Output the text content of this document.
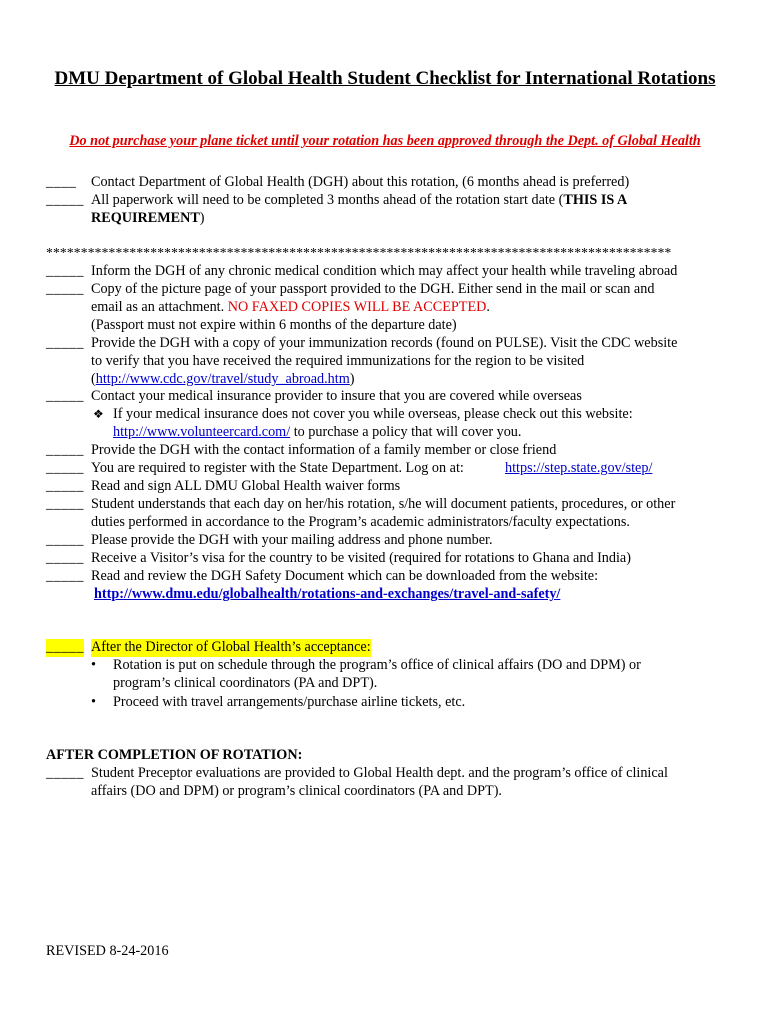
DMU Department of Global Health Student Checklist for International Rotations
Do not purchase your plane ticket until your rotation has been approved through the Dept. of Global Health
____ Contact Department of Global Health (DGH) about this rotation, (6 months ahead is preferred)
_____ All paperwork will need to be completed 3 months ahead of the rotation start date (THIS IS A
REQUIREMENT)
******************************************************************************************
_____ Inform the DGH of any chronic medical condition which may affect your health while traveling abroad
_____ Copy of the picture page of your passport provided to the DGH. Either send in the mail or scan and
email as an attachment. NO FAXED COPIES WILL BE ACCEPTED.
(Passport must not expire within 6 months of the departure date)
_____ Provide the DGH with a copy of your immunization records (found on PULSE). Visit the CDC website
to verify that you have received the required immunizations for the region to be visited
(http://www.cdc.gov/travel/study_abroad.htm)
_____ Contact your medical insurance provider to insure that you are covered while overseas
❖ If your medical insurance does not cover you while overseas, please check out this website:
http://www.volunteercard.com/ to purchase a policy that will cover you.
_____ Provide the DGH with the contact information of a family member or close friend
_____ You are required to register with the State Department. Log on at:	https://step.state.gov/step/
_____ Read and sign ALL DMU Global Health waiver forms
_____ Student understands that each day on her/his rotation, s/he will document patients, procedures, or other
duties performed in accordance to the Program’s academic administrators/faculty expectations.
_____ Please provide the DGH with your mailing address and phone number.
_____ Receive a Visitor’s visa for the country to be visited (required for rotations to Ghana and India)
_____ Read and review the DGH Safety Document which can be downloaded from the website:
http://www.dmu.edu/globalhealth/rotations-and-exchanges/travel-and-safety/
_____ After the Director of Global Health’s acceptance:
• Rotation is put on schedule through the program’s office of clinical affairs (DO and DPM) or
program’s clinical coordinators (PA and DPT).
• Proceed with travel arrangements/purchase airline tickets, etc.
AFTER COMPLETION OF ROTATION:
_____ Student Preceptor evaluations are provided to Global Health dept. and the program’s office of clinical
affairs (DO and DPM) or program’s clinical coordinators (PA and DPT).
REVISED 8-24-2016
